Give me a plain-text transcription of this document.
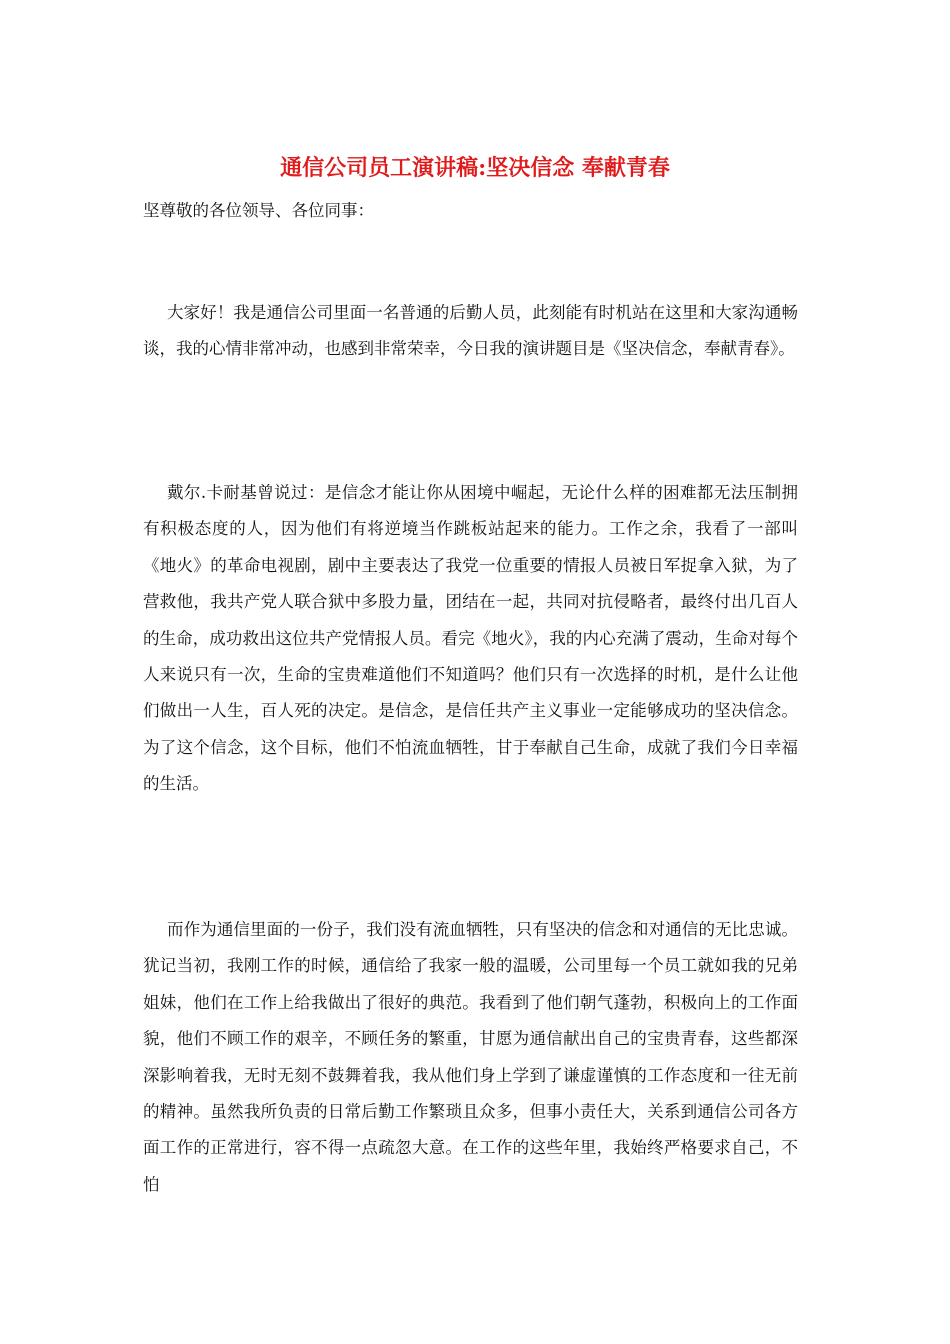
通信公司员工演讲稿:坚决信念 奉献青春

坚尊敬的各位领导、各位同事：

大家好！我是通信公司里面一名普通的后勤人员，此刻能有时机站在这里和大家沟通畅谈，我的心情非常冲动，也感到非常荣幸，今日我的演讲题目是《坚决信念，奉献青春》。

戴尔.卡耐基曾说过：是信念才能让你从困境中崛起，无论什么样的困难都无法压制拥有积极态度的人，因为他们有将逆境当作跳板站起来的能力。工作之余，我看了一部叫《地火》的革命电视剧，剧中主要表达了我党一位重要的情报人员被日军捉拿入狱，为了营救他，我共产党人联合狱中多股力量，团结在一起，共同对抗侵略者，最终付出几百人的生命，成功救出这位共产党情报人员。看完《地火》，我的内心充满了震动，生命对每个人来说只有一次，生命的宝贵难道他们不知道吗？他们只有一次选择的时机，是什么让他们做出一人生，百人死的决定。是信念，是信任共产主义事业一定能够成功的坚决信念。为了这个信念，这个目标，他们不怕流血牺牲，甘于奉献自己生命，成就了我们今日幸福的生活。

而作为通信里面的一份子，我们没有流血牺牲，只有坚决的信念和对通信的无比忠诚。犹记当初，我刚工作的时候，通信给了我家一般的温暖，公司里每一个员工就如我的兄弟姐妹，他们在工作上给我做出了很好的典范。我看到了他们朝气蓬勃，积极向上的工作面貌，他们不顾工作的艰辛，不顾任务的繁重，甘愿为通信献出自己的宝贵青春，这些都深深影响着我，无时无刻不鼓舞着我，我从他们身上学到了谦虚谨慎的工作态度和一往无前的精神。虽然我所负责的日常后勤工作繁琐且众多，但事小责任大，关系到通信公司各方面工作的正常进行，容不得一点疏忽大意。在工作的这些年里，我始终严格要求自己，不怕
